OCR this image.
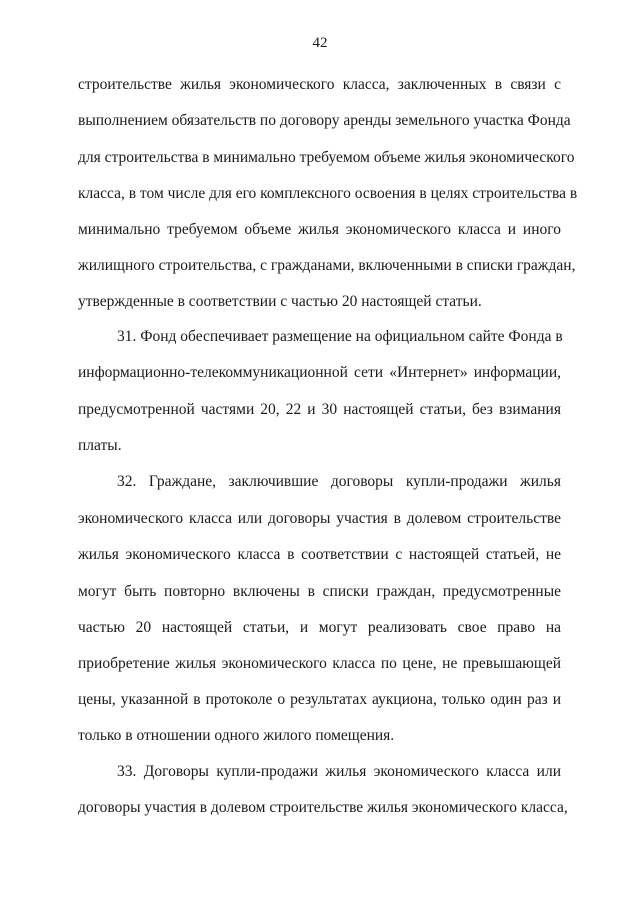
42
строительстве жилья экономического класса, заключенных в связи с
выполнением обязательств по договору аренды земельного участка Фонда
для строительства в минимально требуемом объеме жилья экономического
класса, в том числе для его комплексного освоения в целях строительства в
минимально требуемом объеме жилья экономического класса и иного
жилищного строительства, с гражданами, включенными в списки граждан,
утвержденные в соответствии с частью 20 настоящей статьи.
31. Фонд обеспечивает размещение на официальном сайте Фонда в
информационно-телекоммуникационной сети «Интернет» информации,
предусмотренной частями 20, 22 и 30 настоящей статьи, без взимания
платы.
32. Граждане, заключившие договоры купли-продажи жилья
экономического класса или договоры участия в долевом строительстве
жилья экономического класса в соответствии с настоящей статьей, не
могут быть повторно включены в списки граждан, предусмотренные
частью 20 настоящей статьи, и могут реализовать свое право на
приобретение жилья экономического класса по цене, не превышающей
цены, указанной в протоколе о результатах аукциона, только один раз и
только в отношении одного жилого помещения.
33. Договоры купли-продажи жилья экономического класса или
договоры участия в долевом строительстве жилья экономического класса,
